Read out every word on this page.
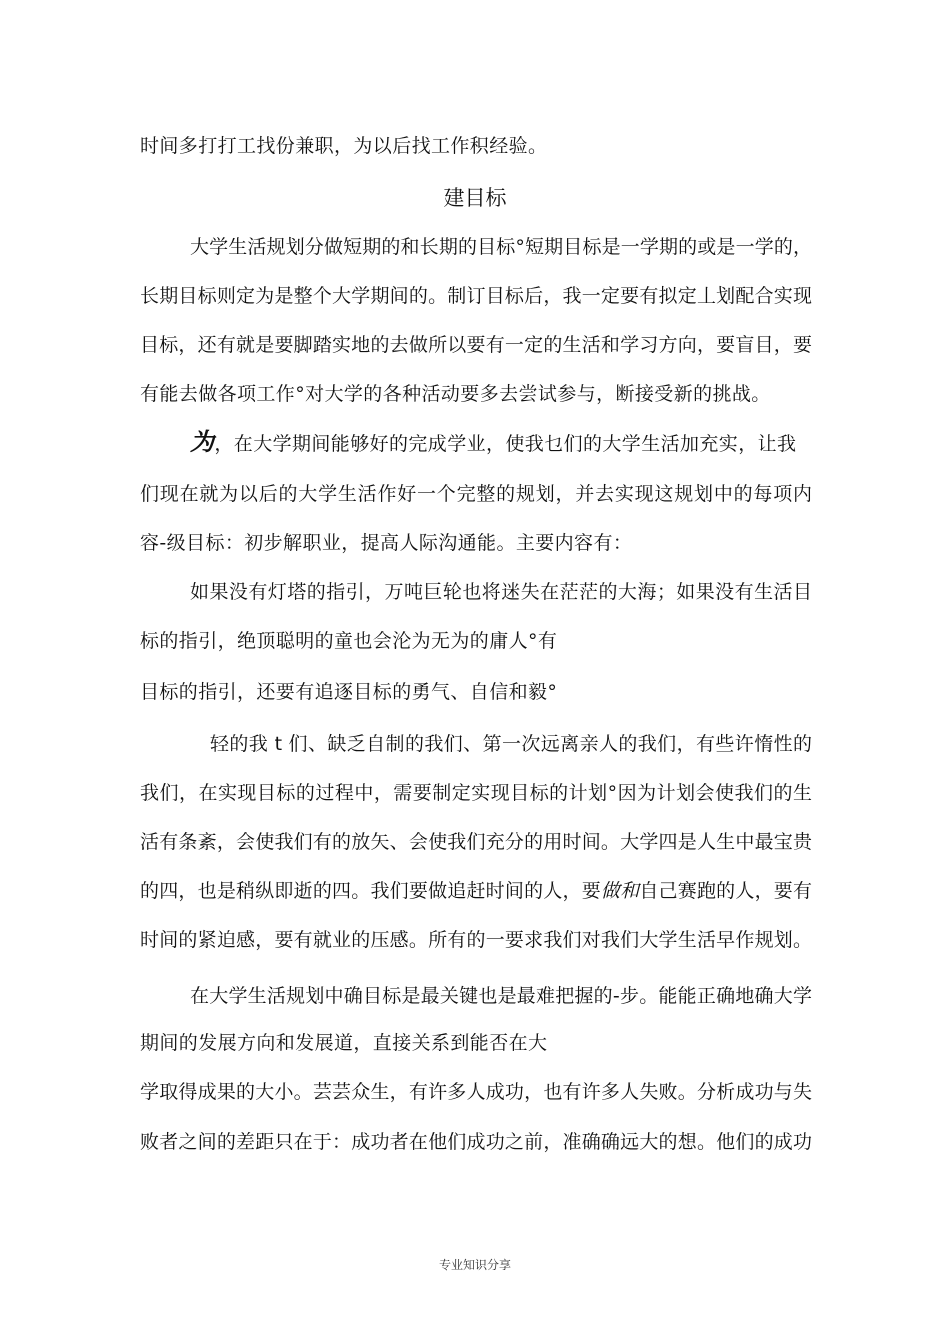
时间多打打工找份兼职，为以后找工作积经验。
建目标
大学生活规划分做短期的和长期的目标°短期目标是一学期的或是一学的，
长期目标则定为是整个大学期间的。制订目标后，我一定要有拟定丄划配合实现
目标，还有就是要脚踏实地的去做所以要有一定的生活和学习方向，要盲目，要
有能去做各项工作°对大学的各种活动要多去尝试参与，断接受新的挑战。
为，在大学期间能够好的完成学业，使我乜们的大学生活加充实，让我
们现在就为以后的大学生活作好一个完整的规划，并去实现这规划中的每项内
容-级目标：初步解职业，提高人际沟通能。主要内容有：
如果没有灯塔的指引，万吨巨轮也将迷失在茫茫的大海；如果没有生活目
标的指引，绝顶聪明的童也会沦为无为的庸人°有
目标的指引，还要有追逐目标的勇气、自信和毅°
轻的我 t 们、缺乏自制的我们、第一次远离亲人的我们，有些许惰性的
我们，在实现目标的过程中，需要制定实现目标的计划°因为计划会使我们的生
活有条紊，会使我们有的放矢、会使我们充分的用时间。大学四是人生中最宝贵
的四，也是稍纵即逝的四。我们要做追赶时间的人，要做和自己赛跑的人，要有
时间的紧迫感，要有就业的压感。所有的一要求我们对我们大学生活早作规划。
在大学生活规划中确目标是最关键也是最难把握的-步。能能正确地确大学
期间的发展方向和发展道，直接关系到能否在大
学取得成果的大小。芸芸众生，有许多人成功，也有许多人失败。分析成功与失
败者之间的差距只在于：成功者在他们成功之前，准确确远大的想。他们的成功
专业知识分享
